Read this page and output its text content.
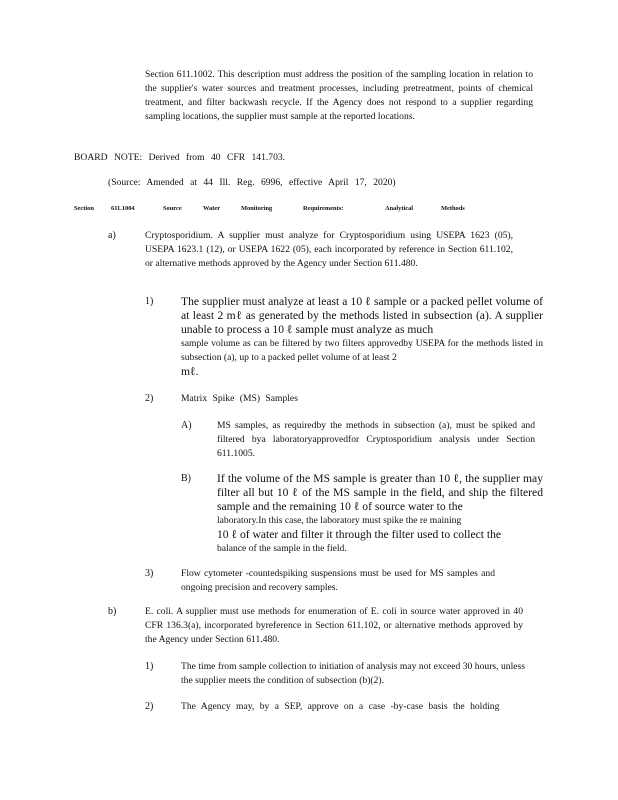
Section 611.1002. This description must address the position of the sampling location in relation to the supplier's water sources and treatment processes, including pretreatment, points of chemical treatment, and filter backwash recycle. If the Agency does not respond to a supplier regarding sampling locations, the supplier must sample at the reported locations.

BOARD NOTE: Derived from 40 CFR 141.703.

(Source: Amended at 44 Ill. Reg. 6996, effective April 17, 2020)

Section	611.1004	Source	Water	Monitoring	Requirements:	Analytical	Methods

a)	Cryptosporidium. A supplier must analyze for Cryptosporidium using USEPA 1623 (05), USEPA 1623.1 (12), or USEPA 1622 (05), each incorporated by reference in Section 611.102, or alternative methods approved by the Agency under Section 611.480.

1) The supplier must analyze at least a 10 ℓ sample or a packed pellet volume of at least 2 mℓ as generated by the methods listed in subsection (a). A supplier unable to process a 10 ℓ sample must analyze as much
sample volume as can be filtered by two filters approvedby USEPA for the methods listed in subsection (a), up to a packed pellet volume of at least 2
mℓ.

2)	Matrix Spike (MS) Samples

A)	MS samples, as requiredby the methods in subsection (a), must be spiked and filtered bya laboratoryapprovedfor Cryptosporidium analysis under Section 611.1005.

B) If the volume of the MS sample is greater than 10 ℓ, the supplier may filter all but 10 ℓ of the MS sample in the field, and ship the filtered sample and the remaining 10 ℓ of source water to the
laboratory.In this case, the laboratory must spike the re maining
10 ℓ of water and filter it through the filter used to collect the
balance of the sample in the field.

3)	Flow cytometer -countedspiking suspensions must be used for MS samples and ongoing precision and recovery samples.

b)	E. coli. A supplier must use methods for enumeration of E. coli in source water approved in 40 CFR 136.3(a), incorporated byreference in Section 611.102, or alternative methods approved by the Agency under Section 611.480.

1)	The time from sample collection to initiation of analysis may not exceed 30 hours, unless the supplier meets the condition of subsection (b)(2).

2)	The Agency may, by a SEP, approve on a case -by-case basis the holding
